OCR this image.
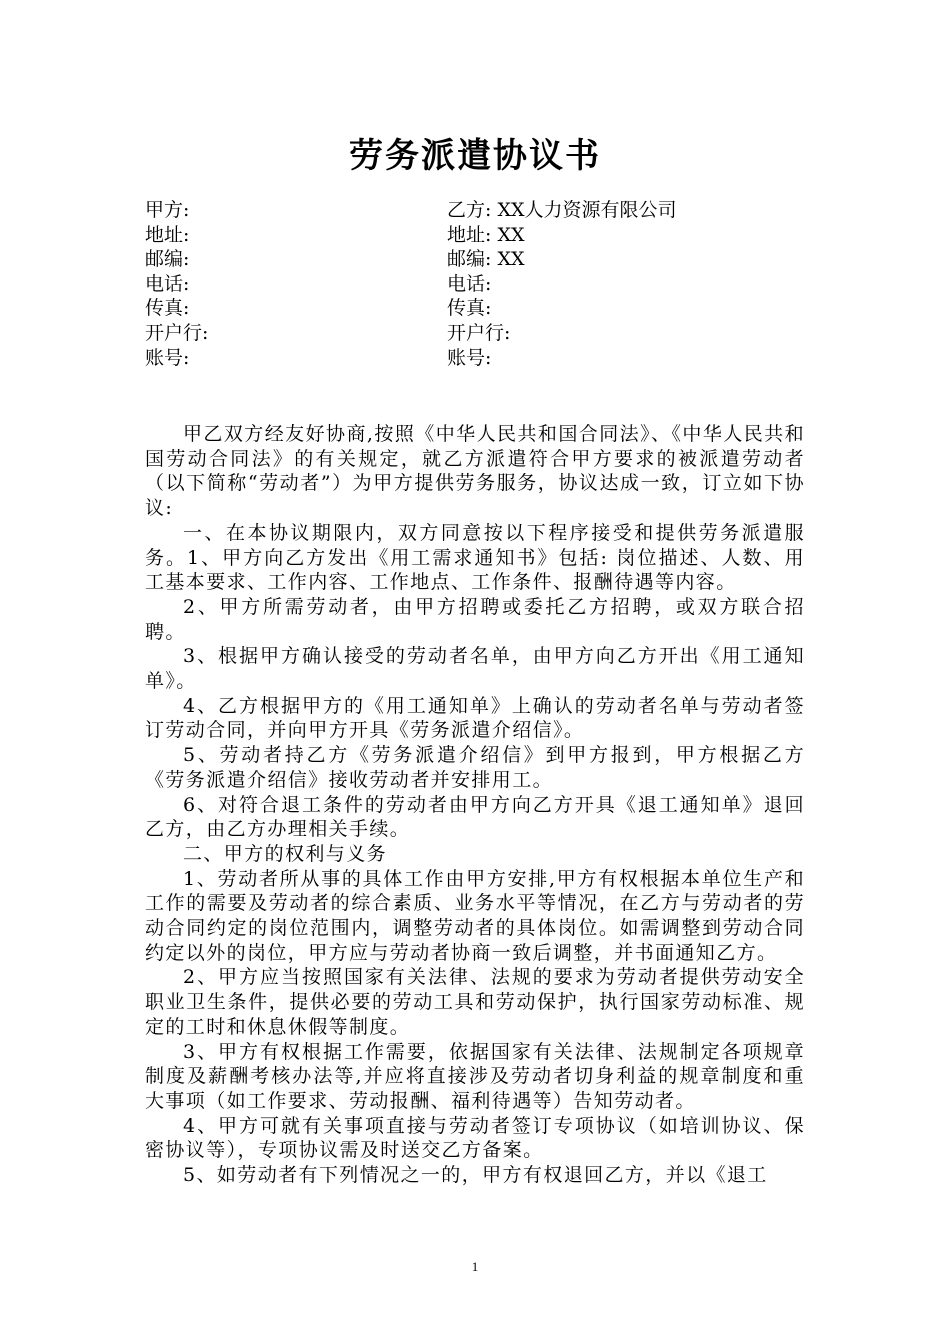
劳务派遣协议书
甲方:
地址:
邮编:
电话:
传真:
开户行:
账号:
乙方: XX人力资源有限公司
地址: XX
邮编: XX
电话:
传真:
开户行:
账号:

甲乙双方经友好协商,按照《中华人民共和国合同法》、《中华人民共和国劳动合同法》的有关规定，就乙方派遣符合甲方要求的被派遣劳动者（以下简称“劳动者”）为甲方提供劳务服务，协议达成一致，订立如下协议:

一、在本协议期限内，双方同意按以下程序接受和提供劳务派遣服务。1、甲方向乙方发出《用工需求通知书》包括: 岗位描述、人数、用工基本要求、工作内容、工作地点、工作条件、报酬待遇等内容。

2、甲方所需劳动者，由甲方招聘或委托乙方招聘，或双方联合招聘。

3、根据甲方确认接受的劳动者名单，由甲方向乙方开出《用工通知单》。

4、乙方根据甲方的《用工通知单》上确认的劳动者名单与劳动者签订劳动合同，并向甲方开具《劳务派遣介绍信》。

5、劳动者持乙方《劳务派遣介绍信》到甲方报到，甲方根据乙方《劳务派遣介绍信》接收劳动者并安排用工。

6、对符合退工条件的劳动者由甲方向乙方开具《退工通知单》退回乙方，由乙方办理相关手续。

二、甲方的权利与义务

1、劳动者所从事的具体工作由甲方安排,甲方有权根据本单位生产和工作的需要及劳动者的综合素质、业务水平等情况，在乙方与劳动者的劳动合同约定的岗位范围内，调整劳动者的具体岗位。如需调整到劳动合同约定以外的岗位，甲方应与劳动者协商一致后调整，并书面通知乙方。

2、甲方应当按照国家有关法律、法规的要求为劳动者提供劳动安全职业卫生条件，提供必要的劳动工具和劳动保护，执行国家劳动标准、规定的工时和休息休假等制度。

3、甲方有权根据工作需要，依据国家有关法律、法规制定各项规章制度及薪酬考核办法等,并应将直接涉及劳动者切身利益的规章制度和重大事项（如工作要求、劳动报酬、福利待遇等）告知劳动者。

4、甲方可就有关事项直接与劳动者签订专项协议（如培训协议、保密协议等），专项协议需及时送交乙方备案。

5、如劳动者有下列情况之一的，甲方有权退回乙方，并以《退工

1
